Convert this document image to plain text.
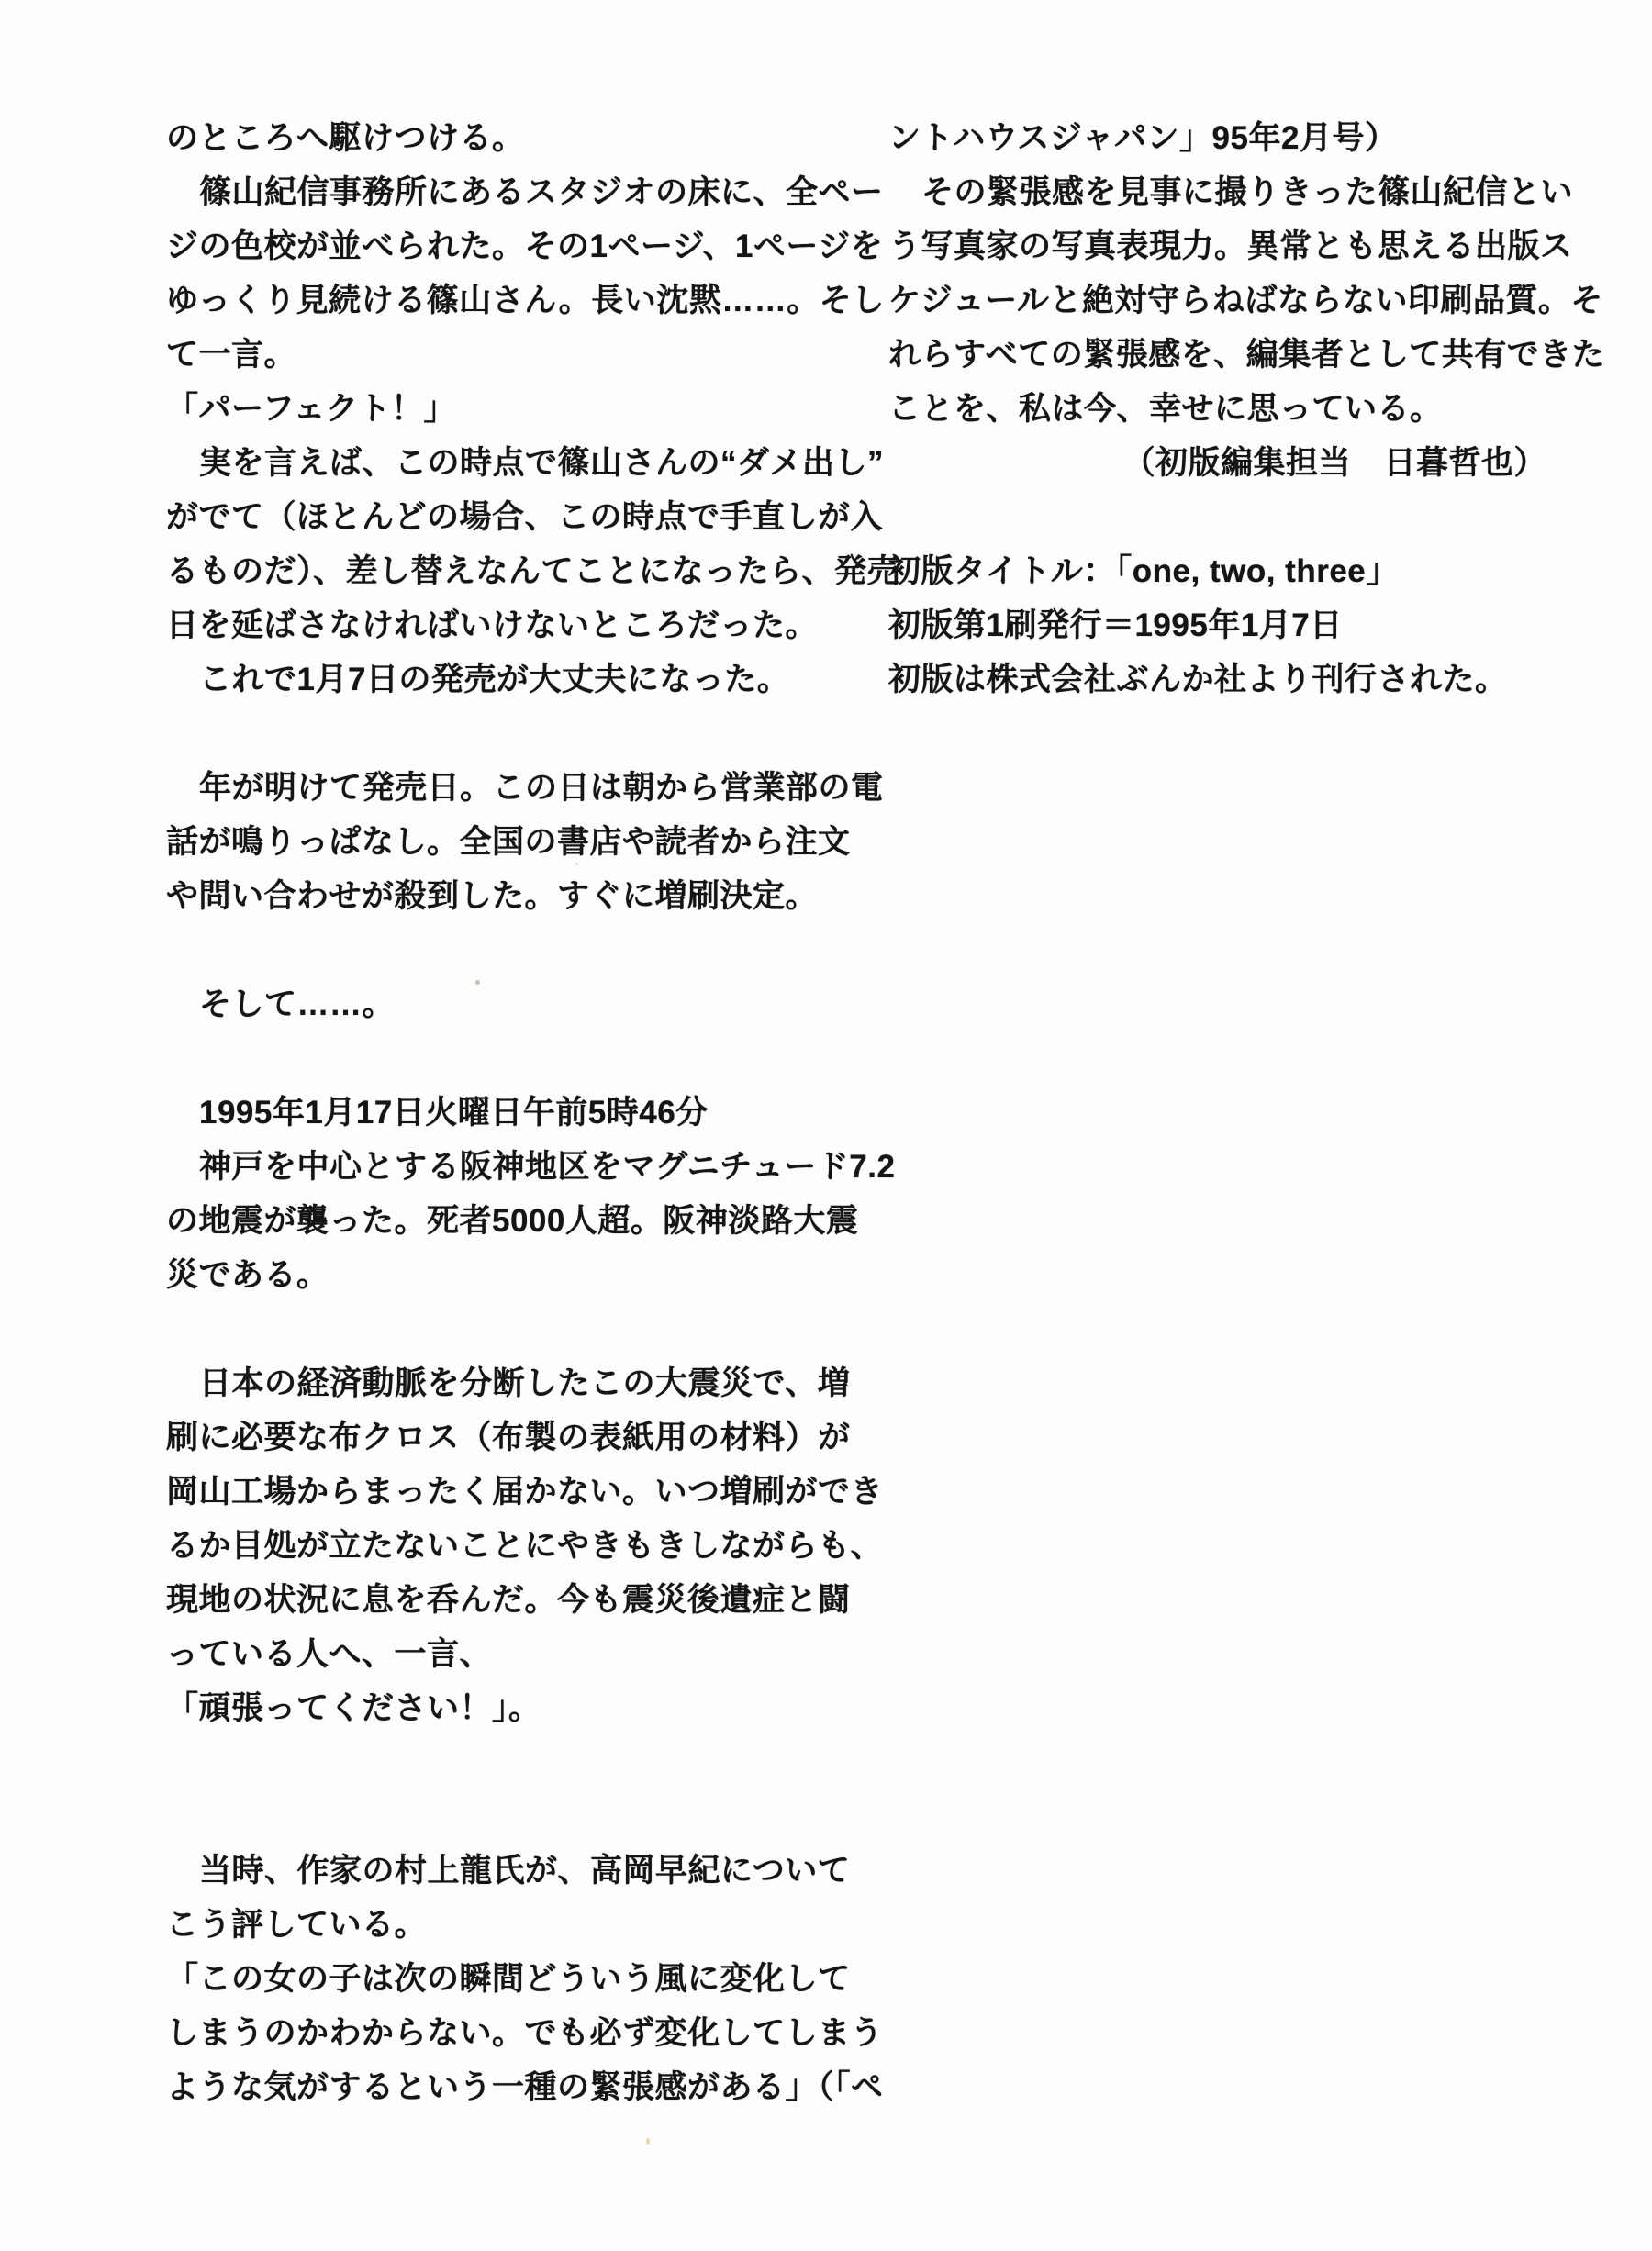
のところへ駆けつける。
篠山紀信事務所にあるスタジオの床に、全ペー
ジの色校が並べられた。その1ページ、1ページを
ゆっくり見続ける篠山さん。長い沈黙……。そし
て一言。
「パーフェクト！」
実を言えば、この時点で篠山さんの“ダメ出し”
がでて（ほとんどの場合、この時点で手直しが入
るものだ）、差し替えなんてことになったら、発売
日を延ばさなければいけないところだった。
これで1月7日の発売が大丈夫になった。
年が明けて発売日。この日は朝から営業部の電
話が鳴りっぱなし。全国の書店や読者から注文
や問い合わせが殺到した。すぐに増刷決定。
そして……。
1995年1月17日火曜日午前5時46分
神戸を中心とする阪神地区をマグニチュード7.2
の地震が襲った。死者5000人超。阪神淡路大震
災である。
日本の経済動脈を分断したこの大震災で、増
刷に必要な布クロス（布製の表紙用の材料）が
岡山工場からまったく届かない。いつ増刷ができ
るか目処が立たないことにやきもきしながらも、
現地の状況に息を呑んだ。今も震災後遺症と闘
っている人へ、一言、
「頑張ってください！」。
当時、作家の村上龍氏が、高岡早紀について
こう評している。
「この女の子は次の瞬間どういう風に変化して
しまうのかわからない。でも必ず変化してしまう
ような気がするという一種の緊張感がある」（「ペ
ントハウスジャパン」95年2月号）
その緊張感を見事に撮りきった篠山紀信とい
う写真家の写真表現力。異常とも思える出版ス
ケジュールと絶対守らねばならない印刷品質。そ
れらすべての緊張感を、編集者として共有できた
ことを、私は今、幸せに思っている。
（初版編集担当　日暮哲也）
初版タイトル：「one, two, three」
初版第1刷発行＝1995年1月7日
初版は株式会社ぶんか社より刊行された。
